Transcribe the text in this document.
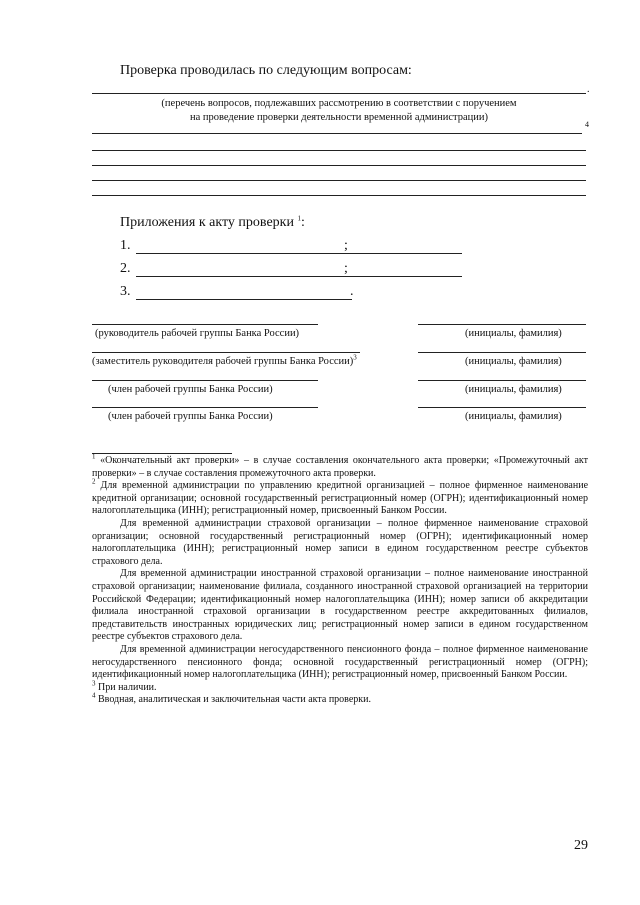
Проверка проводилась по следующим вопросам:
.
(перечень вопросов, подлежавших рассмотрению в соответствии с поручением
на проведение проверки деятельности временной администрации)
4
Приложения к акту проверки $^1$:
1.	;
2.	;
3.	.
(руководитель рабочей группы Банка России)	(инициалы, фамилия)
(заместитель руководителя рабочей группы Банка России)$^3$	(инициалы, фамилия)
(член рабочей группы Банка России)	(инициалы, фамилия)
(член рабочей группы Банка России)	(инициалы, фамилия)

$^1$ «Окончательный акт проверки» – в случае составления окончательного акта проверки; «Промежуточный акт проверки» – в случае составления промежуточного акта проверки.

$^2$ Для временной администрации по управлению кредитной организацией – полное фирменное наименование кредитной организации; основной государственный регистрационный номер (ОГРН); идентификационный номер налогоплательщика (ИНН); регистрационный номер, присвоенный Банком России.

Для временной администрации страховой организации – полное фирменное наименование страховой организации; основной государственный регистрационный номер (ОГРН); идентификационный номер налогоплательщика (ИНН); регистрационный номер записи в едином государственном реестре субъектов страхового дела.

Для временной администрации иностранной страховой организации – полное наименование иностранной страховой организации; наименование филиала, созданного иностранной страховой организацией на территории Российской Федерации; идентификационный номер налогоплательщика (ИНН); номер записи об аккредитации филиала иностранной страховой организации в государственном реестре аккредитованных филиалов, представительств иностранных юридических лиц; регистрационный номер записи в едином государственном реестре субъектов страхового дела.

Для временной администрации негосударственного пенсионного фонда – полное фирменное наименование негосударственного пенсионного фонда; основной государственный регистрационный номер (ОГРН); идентификационный номер налогоплательщика (ИНН); регистрационный номер, присвоенный Банком России.

$^3$ При наличии.

$^4$ Вводная, аналитическая и заключительная части акта проверки.

29
